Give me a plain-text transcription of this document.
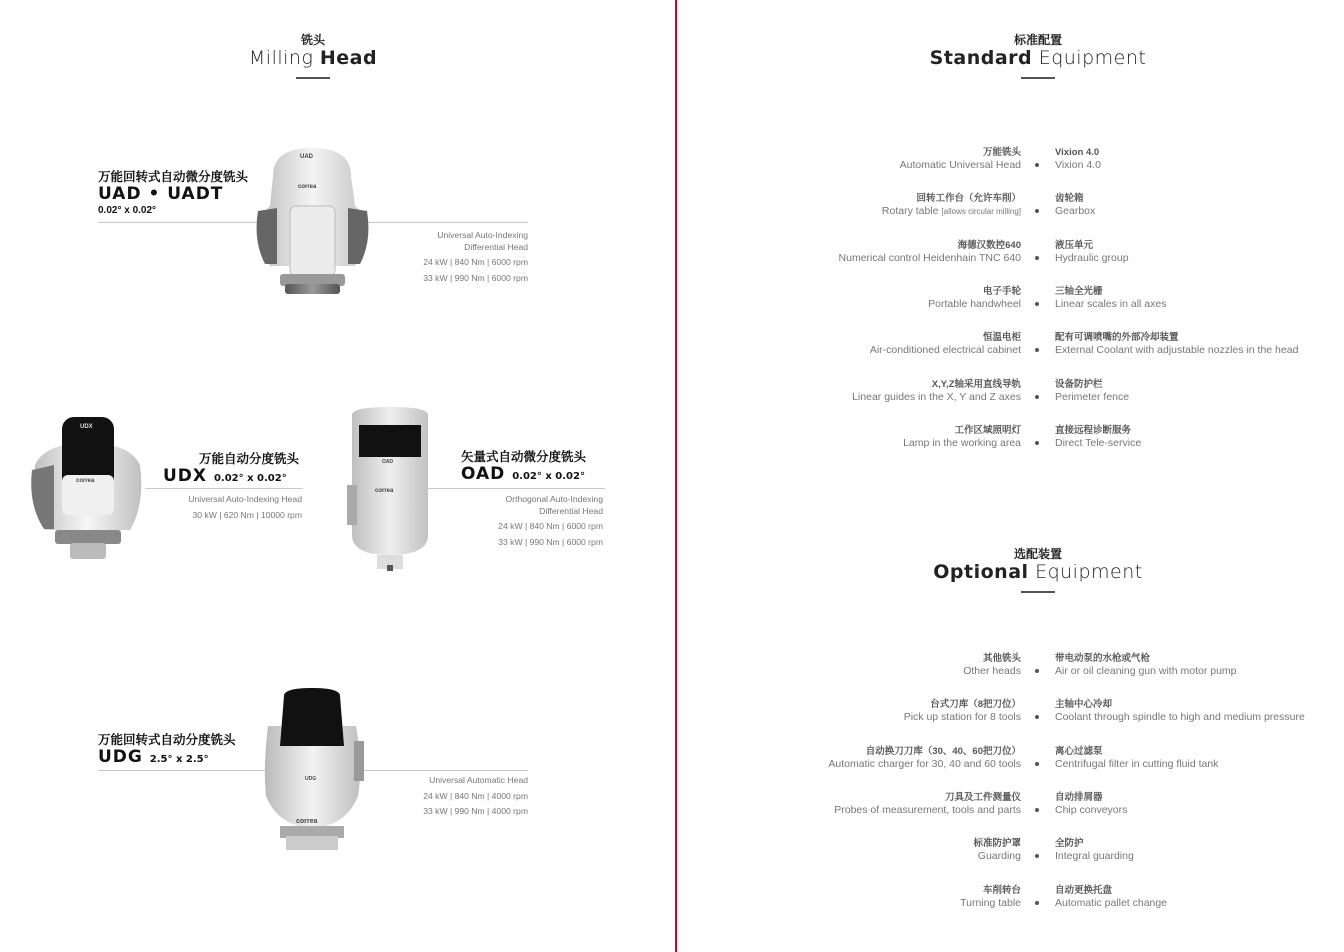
铣头
Milling Head
万能回转式自动微分度铣头
UAD • UADT
0.02° x 0.02°
UAD
correa
Universal Auto-Indexing
Differential Head
24 kW | 840 Nm | 6000 rpm
33 kW | 990 Nm | 6000 rpm
UDX
correa
万能自动分度铣头
UDX 0.02° x 0.02°
Universal Auto-Indexing Head
30 kW | 620 Nm | 10000 rpm
OAD
correa
矢量式自动微分度铣头
OAD 0.02° x 0.02°
Orthogonal Auto-Indexing
Differential Head
24 kW | 840 Nm | 6000 rpm
33 kW | 990 Nm | 6000 rpm
万能回转式自动分度铣头
UDG 2.5° x 2.5°
UDG
correa
Universal Automatic Head
24 kW | 840 Nm | 4000 rpm
33 kW | 990 Nm | 4000 rpm
标准配置
Standard Equipment
万能铣头
Automatic Universal Head
Vixion 4.0
Vixion 4.0
回转工作台（允许车削）
Rotary table [allows circular milling]
齿轮箱
Gearbox
海德汉数控640
Numerical control Heidenhain TNC 640
液压单元
Hydraulic group
电子手轮
Portable handwheel
三轴全光栅
Linear scales in all axes
恒温电柜
Air-conditioned electrical cabinet
配有可调喷嘴的外部冷却装置
External Coolant with adjustable nozzles in the head
X,Y,Z轴采用直线导轨
Linear guides in the X, Y and Z axes
设备防护栏
Perimeter fence
工作区域照明灯
Lamp in the working area
直接远程诊断服务
Direct Tele-service
选配装置
Optional Equipment
其他铣头
Other heads
带电动泵的水枪或气枪
Air or oil cleaning gun with motor pump
台式刀库（8把刀位）
Pick up station for 8 tools
主轴中心冷却
Coolant through spindle to high and medium pressure
自动换刀刀库（30、40、60把刀位）
Automatic charger for 30, 40 and 60 tools
离心过滤泵
Centrifugal filter in cutting fluid tank
刀具及工件测量仪
Probes of measurement, tools and parts
自动排屑器
Chip conveyors
标准防护罩
Guarding
全防护
Integral guarding
车削转台
Turning table
自动更换托盘
Automatic pallet change
